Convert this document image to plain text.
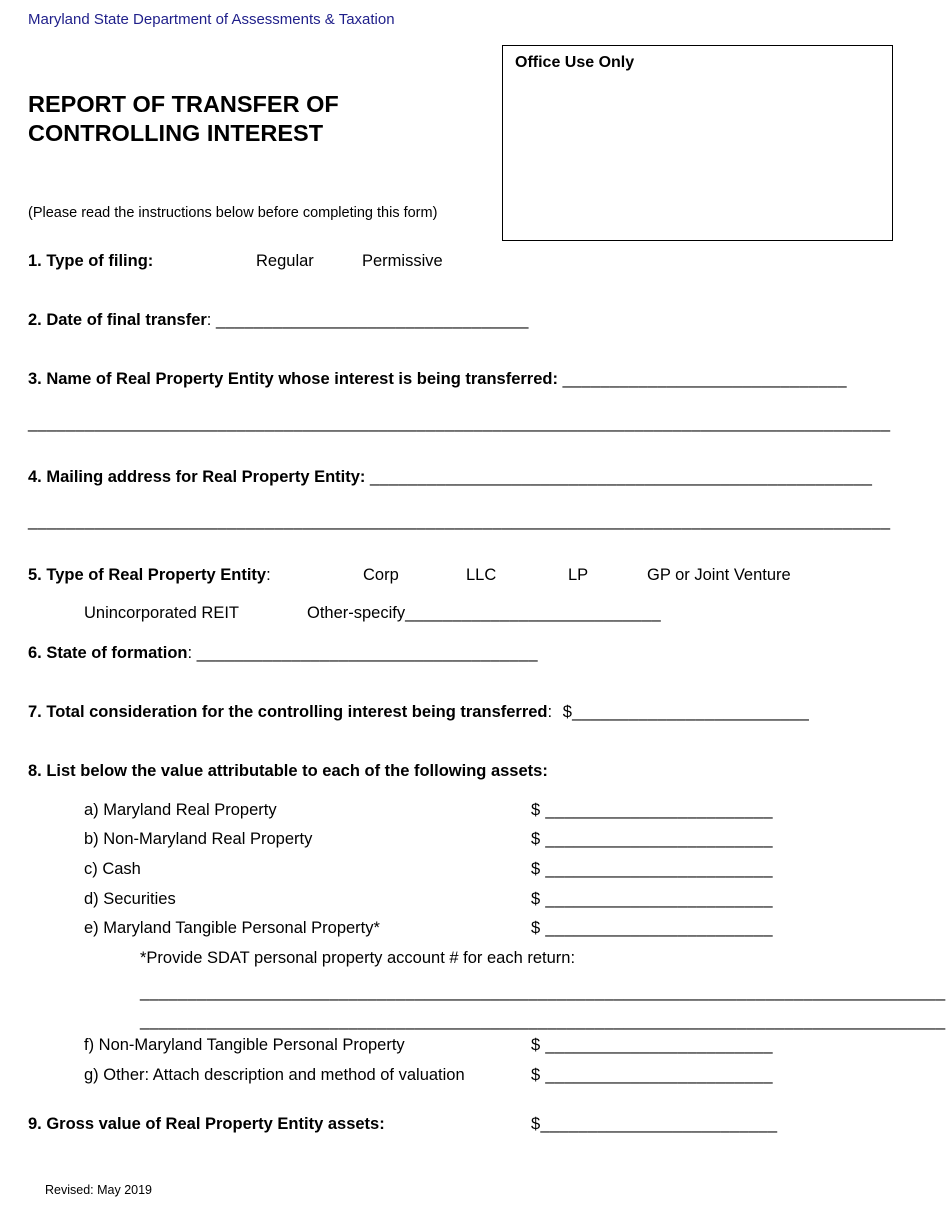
Maryland State Department of Assessments & Taxation
REPORT OF TRANSFER OF
CONTROLLING INTEREST
Office Use Only
(Please read the instructions below before completing this form)
1. Type of filing:	Regular	Permissive
2. Date of final transfer: _________________________________
3. Name of Real Property Entity whose interest is being transferred: ______________________________
___________________________________________________________________________________________
4. Mailing address for Real Property Entity: _____________________________________________________
___________________________________________________________________________________________
5. Type of Real Property Entity:	Corp	LLC	LP	GP or Joint Venture
Unincorporated REIT	Other-specify___________________________
6. State of formation: ____________________________________
7. Total consideration for the controlling interest being transferred: $_________________________
8. List below the value attributable to each of the following assets:
a) Maryland Real Property	$ ________________________
b) Non-Maryland Real Property	$ ________________________
c) Cash	$ ________________________
d) Securities	$ ________________________
e) Maryland Tangible Personal Property*	$ ________________________
*Provide SDAT personal property account # for each return:
_____________________________________________________________________________________
_____________________________________________________________________________________
f) Non-Maryland Tangible Personal Property	$ ________________________
g) Other: Attach description and method of valuation	$ ________________________
9. Gross value of Real Property Entity assets:	$_________________________
Revised: May 2019
